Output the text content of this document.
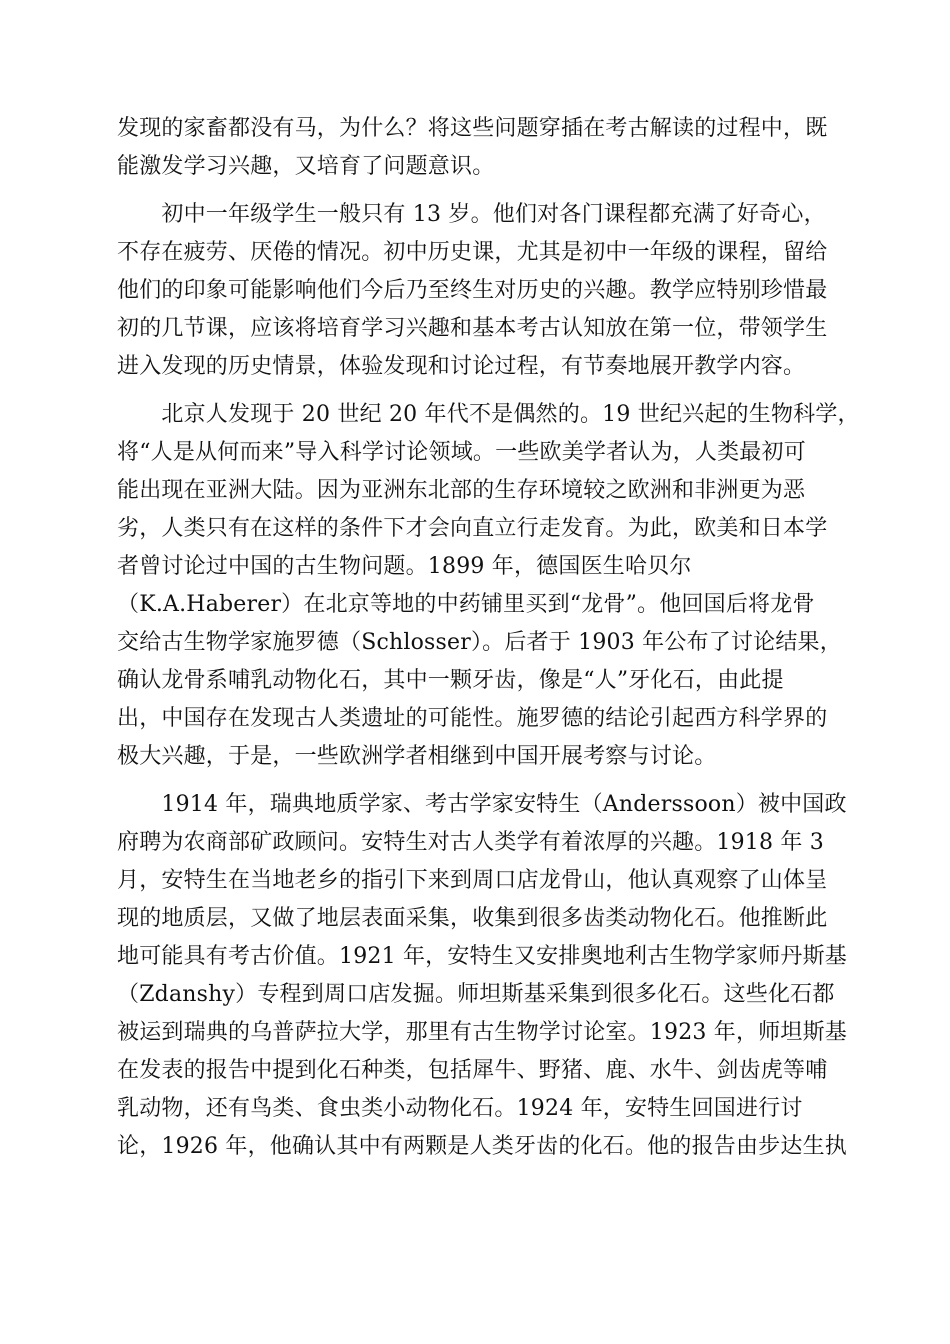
发现的家畜都没有马，为什么？将这些问题穿插在考古解读的过程中，既
能激发学习兴趣，又培育了问题意识。

　　初中一年级学生一般只有 13 岁。他们对各门课程都充满了好奇心，
不存在疲劳、厌倦的情况。初中历史课，尤其是初中一年级的课程，留给
他们的印象可能影响他们今后乃至终生对历史的兴趣。教学应特别珍惜最
初的几节课，应该将培育学习兴趣和基本考古认知放在第一位，带领学生
进入发现的历史情景，体验发现和讨论过程，有节奏地展开教学内容。

　　北京人发现于 20 世纪 20 年代不是偶然的。19 世纪兴起的生物科学，
将“人是从何而来”导入科学讨论领域。一些欧美学者认为，人类最初可
能出现在亚洲大陆。因为亚洲东北部的生存环境较之欧洲和非洲更为恶
劣，人类只有在这样的条件下才会向直立行走发育。为此，欧美和日本学
者曾讨论过中国的古生物问题。1899 年，德国医生哈贝尔
（K.A.Haberer）在北京等地的中药铺里买到“龙骨”。他回国后将龙骨
交给古生物学家施罗德（Schlosser）。后者于 1903 年公布了讨论结果，
确认龙骨系哺乳动物化石，其中一颗牙齿，像是“人”牙化石，由此提
出，中国存在发现古人类遗址的可能性。施罗德的结论引起西方科学界的
极大兴趣，于是，一些欧洲学者相继到中国开展考察与讨论。

　　1914 年，瑞典地质学家、考古学家安特生（Anderssoon）被中国政
府聘为农商部矿政顾问。安特生对古人类学有着浓厚的兴趣。1918 年 3
月，安特生在当地老乡的指引下来到周口店龙骨山，他认真观察了山体呈
现的地质层，又做了地层表面采集，收集到很多齿类动物化石。他推断此
地可能具有考古价值。1921 年，安特生又安排奥地利古生物学家师丹斯基
（Zdanshy）专程到周口店发掘。师坦斯基采集到很多化石。这些化石都
被运到瑞典的乌普萨拉大学，那里有古生物学讨论室。1923 年，师坦斯基
在发表的报告中提到化石种类，包括犀牛、野猪、鹿、水牛、剑齿虎等哺
乳动物，还有鸟类、食虫类小动物化石。1924 年，安特生回国进行讨
论，1926 年，他确认其中有两颗是人类牙齿的化石。他的报告由步达生执
